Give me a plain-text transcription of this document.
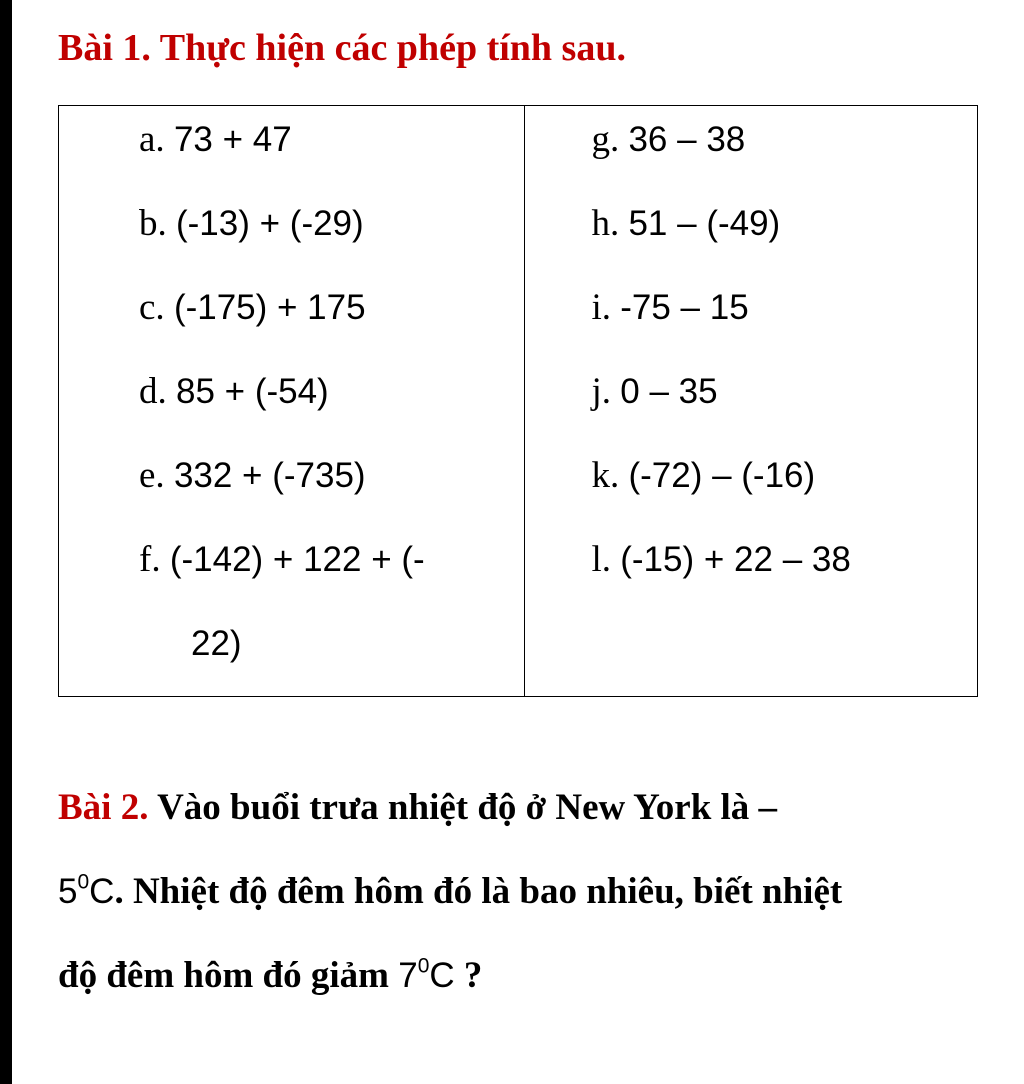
Bài 1. Thực hiện các phép tính sau.
a. 73 + 47
b. (-13) + (-29)
c. (-175) + 175
d. 85 + (-54)
e. 332 + (-735)
f. (-142) + 122 + (-
22)

g. 36 – 38
h. 51 – (-49)
i. -75 – 15
j. 0 – 35
k. (-72) – (-16)
l. (-15) + 22 – 38
Bài 2. Vào buổi trưa nhiệt độ ở New York là –
$5^0C$. Nhiệt độ đêm hôm đó là bao nhiêu, biết nhiệt
độ đêm hôm đó giảm $7^0C$ ?
